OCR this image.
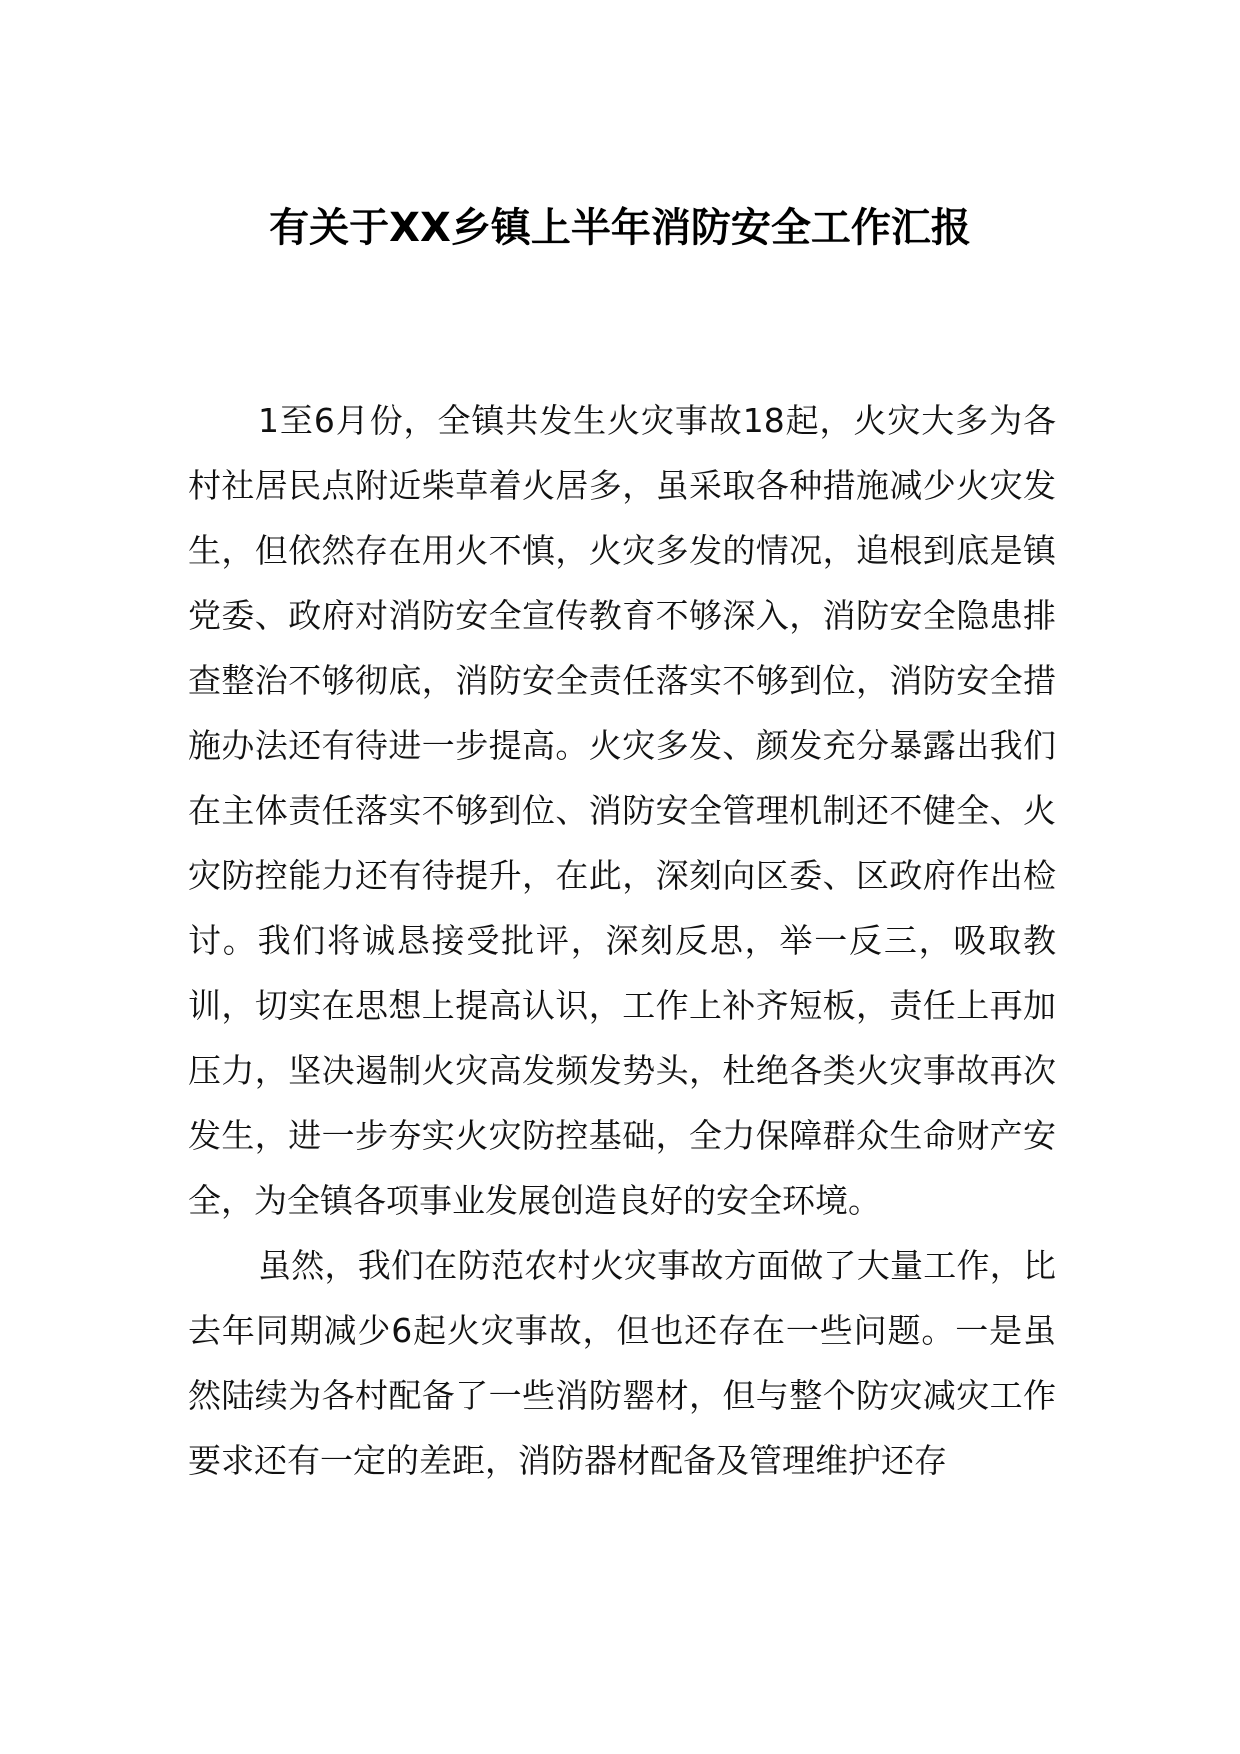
有关于XX乡镇上半年消防安全工作汇报

1至6月份，全镇共发生火灾事故18起，火灾大多为各村社居民点附近柴草着火居多，虽采取各种措施减少火灾发生，但依然存在用火不慎，火灾多发的情况，追根到底是镇党委、政府对消防安全宣传教育不够深入，消防安全隐患排查整治不够彻底，消防安全责任落实不够到位，消防安全措施办法还有待进一步提高。火灾多发、颜发充分暴露出我们在主体责任落实不够到位、消防安全管理机制还不健全、火灾防控能力还有待提升，在此，深刻向区委、区政府作出检讨。我们将诚恳接受批评，深刻反思，举一反三，吸取教训，切实在思想上提高认识，工作上补齐短板，责任上再加压力，坚决遏制火灾高发频发势头，杜绝各类火灾事故再次发生，进一步夯实火灾防控基础，全力保障群众生命财产安全，为全镇各项事业发展创造良好的安全环境。

虽然，我们在防范农村火灾事故方面做了大量工作，比去年同期减少6起火灾事故，但也还存在一些问题。一是虽然陆续为各村配备了一些消防罂材，但与整个防灾减灾工作要求还有一定的差距，消防器材配备及管理维护还存
